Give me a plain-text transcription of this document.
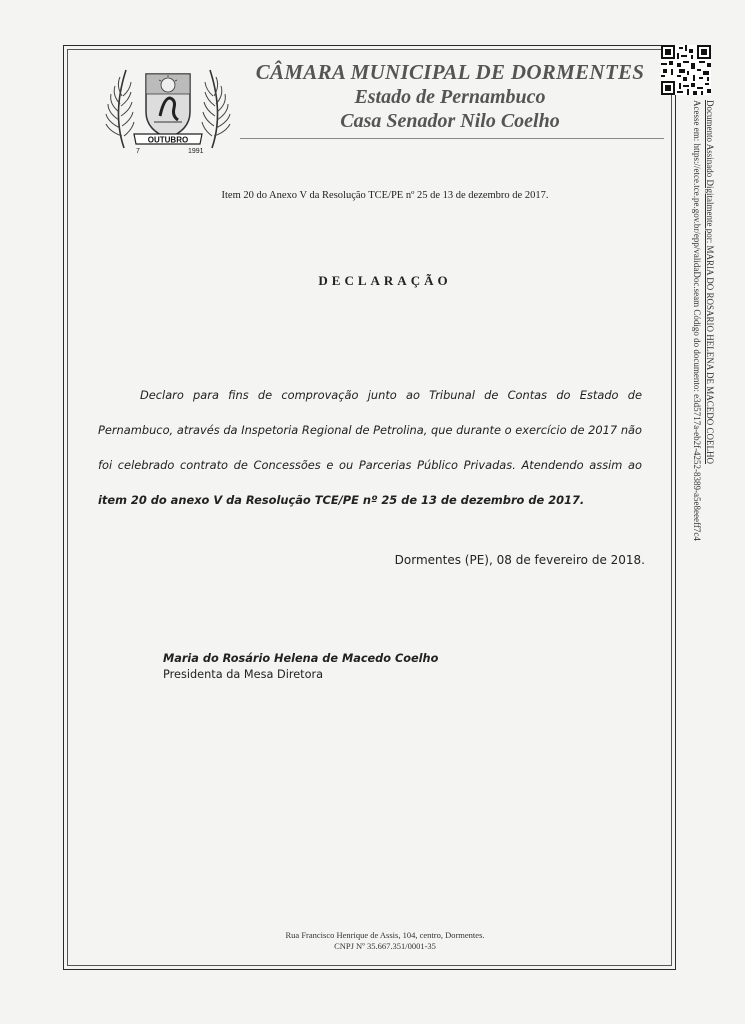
OUTUBRO
7	1991
CÂMARA MUNICIPAL DE DORMENTES
Estado de Pernambuco
Casa Senador Nilo Coelho
Item 20 do Anexo V da Resolução TCE/PE nº 25 de 13 de dezembro de 2017.
DECLARAÇÃO
Declaro para fins de comprovação junto ao Tribunal de Contas do Estado de Pernambuco, através da Inspetoria Regional de Petrolina, que durante o exercício de 2017 não foi celebrado contrato de Concessões e ou Parcerias Público Privadas. Atendendo assim ao item 20 do anexo V da Resolução TCE/PE nº 25 de 13 de dezembro de 2017.
Dormentes (PE), 08 de fevereiro de 2018.
Maria do Rosário Helena de Macedo Coelho
Presidenta da Mesa Diretora
Rua Francisco Henrique de Assis, 104, centro, Dormentes.
CNPJ Nº 35.667.351/0001-35
Documento Assinado Digitalmente por: MARIA DO ROSARIO HELENA DE MACEDO COELHO
Acesse em: https://etce.tce.pe.gov.br/epp/validaDoc.seam Código do documento: e3d5717a-eb2f-4252-8389-a5e8eeeff7c4
